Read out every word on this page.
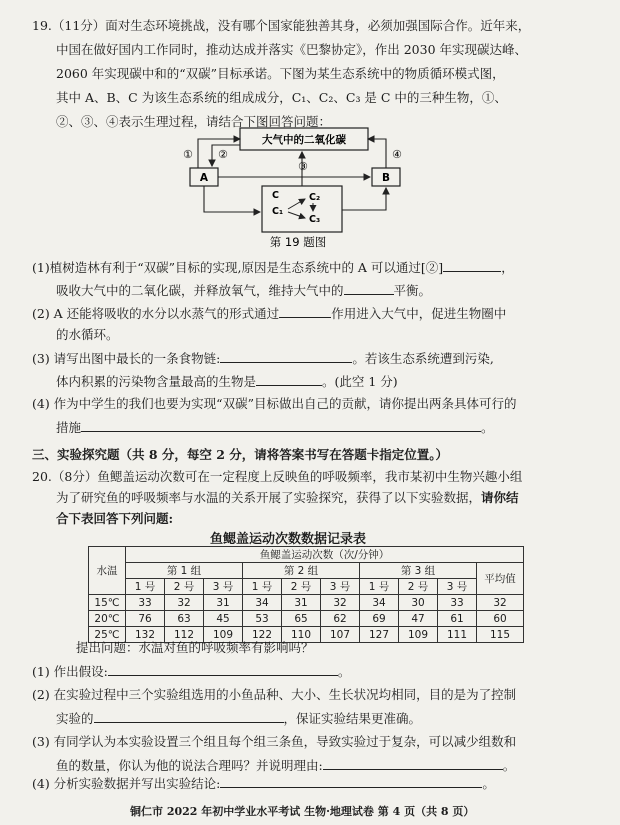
19.（11分）面对生态环境挑战，没有哪个国家能独善其身，必须加强国际合作。近年来，
中国在做好国内工作同时，推动达成并落实《巴黎协定》，作出 2030 年实现碳达峰、
2060 年实现碳中和的“双碳”目标承诺。下图为某生态系统中的物质循环模式图，
其中 A、B、C 为该生态系统的组成成分，C₁、C₂、C₃ 是 C 中的三种生物，①、
②、③、④表示生理过程，请结合下图回答问题：
大气中的二氧化碳
A	B
C
C₁
C₂
C₃
① ②
③
④
第 19 题图
(1)植树造林有利于“双碳”目标的实现,原因是生态系统中的 A 可以通过[②]	，
吸收大气中的二氧化碳，并释放氧气，维持大气中的	平衡。
(2) A 还能将吸收的水分以水蒸气的形式通过	作用进入大气中，促进生物圈中
的水循环。
(3) 请写出图中最长的一条食物链:	。若该生态系统遭到污染,
体内积累的污染物含量最高的生物是	。(此空 1 分)
(4) 作为中学生的我们也要为实现“双碳”目标做出自己的贡献，请你提出两条具体可行的
措施	。
三、实验探究题（共 8 分，每空 2 分，请将答案书写在答题卡指定位置。）
20.（8分）鱼鳃盖运动次数可在一定程度上反映鱼的呼吸频率，我市某初中生物兴趣小组
为了研究鱼的呼吸频率与水温的关系开展了实验探究，获得了以下实验数据，请你结
合下表回答下列问题:
鱼鳃盖运动次数数据记录表
水温	鱼鳃盖运动次数（次/分钟）									
	第 1 组			第 2 组			第 3 组			平均值
	1 号	2 号	3 号	1 号	2 号	3 号	1 号	2 号	3 号	
15℃	33	32	31	34	31	32	34	30	33	32
20℃	76	63	45	53	65	62	69	47	61	60
25℃	132	112	109	122	110	107	127	109	111	115
提出问题：水温对鱼的呼吸频率有影响吗？
(1) 作出假设:	。
(2) 在实验过程中三个实验组选用的小鱼品种、大小、生长状况均相同，目的是为了控制
实验的	，保证实验结果更准确。
(3) 有同学认为本实验设置三个组且每个组三条鱼，导致实验过于复杂，可以减少组数和
鱼的数量，你认为他的说法合理吗？并说明理由:	。
(4) 分析实验数据并写出实验结论:	。
铜仁市 2022 年初中学业水平考试 生物·地理试卷 第 4 页（共 8 页）
